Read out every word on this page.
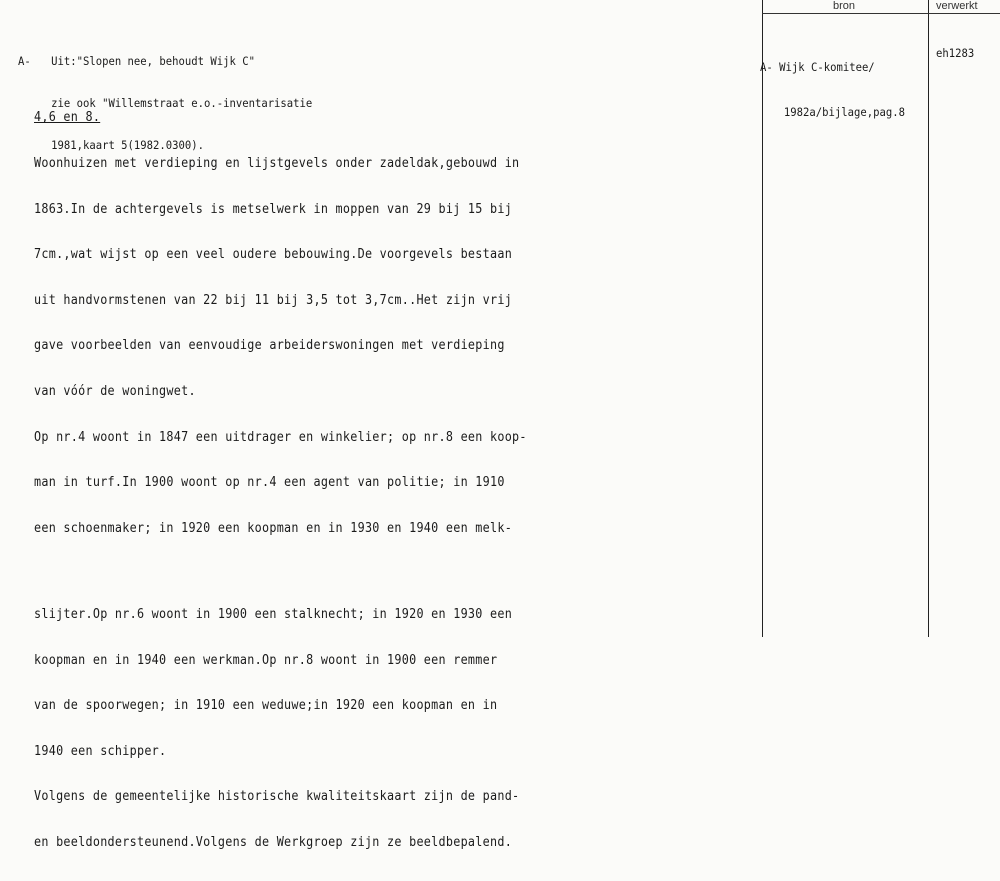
bron	verwerkt

A- Uit:"Slopen nee, behoudt Wijk C"

zie ook "Willemstraat e.o.-inventarisatie

1981,kaart 5(1982.0300).

4,6 en 8.

Woonhuizen met verdieping en lijstgevels onder zadeldak,gebouwd in

1863.In de achtergevels is metselwerk in moppen van 29 bij 15 bij

7cm.,wat wijst op een veel oudere bebouwing.De voorgevels bestaan

uit handvormstenen van 22 bij 11 bij 3,5 tot 3,7cm..Het zijn vrij

gave voorbeelden van eenvoudige arbeiderswoningen met verdieping

van vóór de woningwet.

Op nr.4 woont in 1847 een uitdrager en winkelier; op nr.8 een koop-

man in turf.In 1900 woont op nr.4 een agent van politie; in 1910

een schoenmaker; in 1920 een koopman en in 1930 en 1940 een melk-

slijter.Op nr.6 woont in 1900 een stalknecht; in 1920 en 1930 een

koopman en in 1940 een werkman.Op nr.8 woont in 1900 een remmer

van de spoorwegen; in 1910 een weduwe;in 1920 een koopman en in

1940 een schipper.

Volgens de gemeentelijke historische kwaliteitskaart zijn de pand-

en beeldondersteunend.Volgens de Werkgroep zijn ze beeldbepalend.

A- Wijk C-komitee/

1982a/bijlage,pag.8

eh1283
